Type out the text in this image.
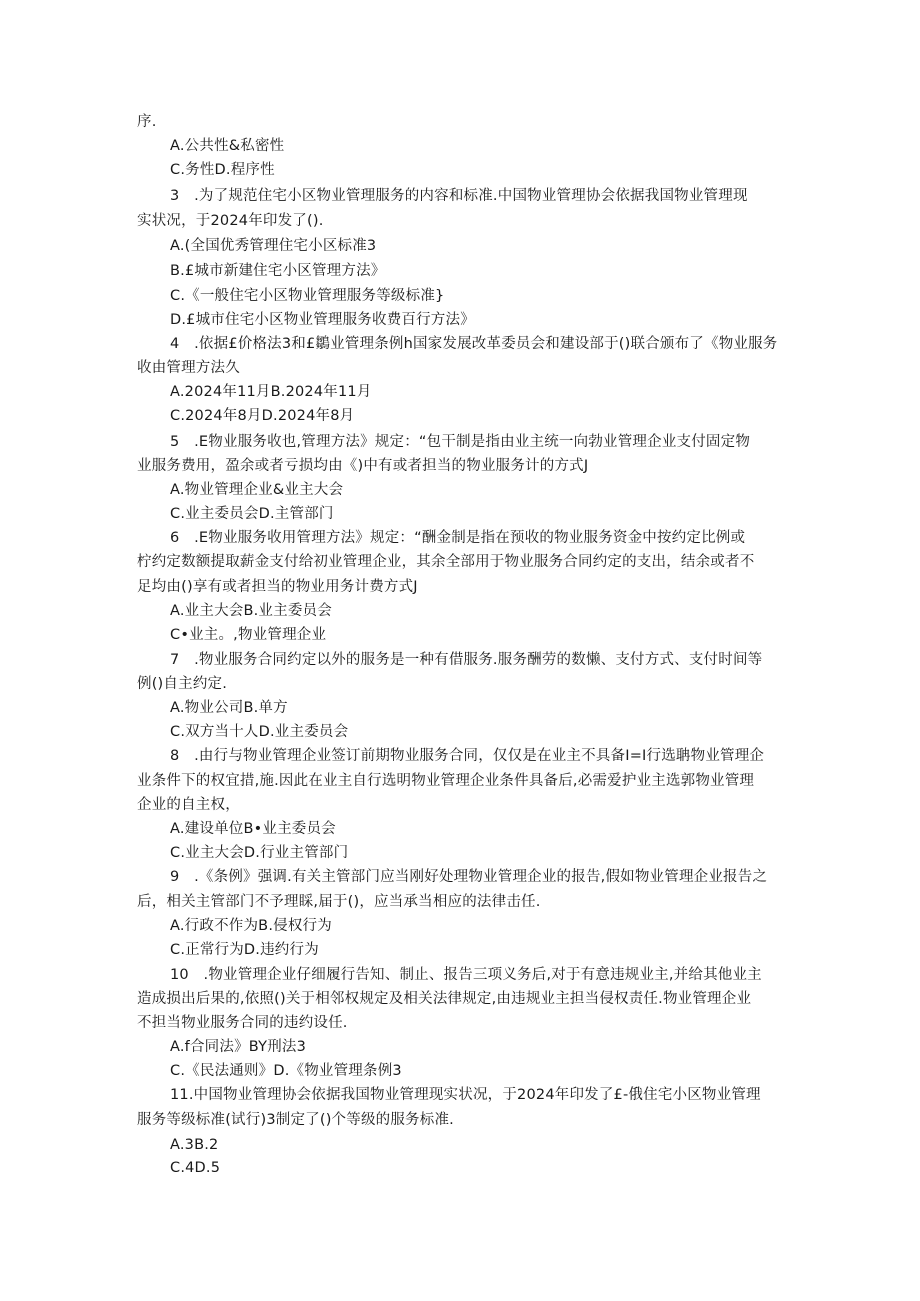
序.
A.公共性&私密性
C.务性D.程序性
3　.为了规范住宅小区物业管理服务的内容和标准.中国物业管理协会依据我国物业管理现
实状况，于2024年印发了().
A.(全国优秀管理住宅小区标准3
B.£城市新建住宅小区管理方法》
C.《一般住宅小区物业管理服务等级标准}
D.£城市住宅小区物业管理服务收费百行方法》
4　.依据£价格法3和£鶵业管理条例h国家发展改革委员会和建设部于()联合颁布了《物业服务
收由管理方法久
A.2024年11月B.2024年11月
C.2024年8月D.2024年8月
5　.E物业服务收也,管理方法》规定：“包干制是指由业主统一向勃业管理企业支付固定物
业服务费用，盈余或者亏损均由《)中有或者担当的物业服务计的方式J
A.物业管理企业&业主大会
C.业主委员会D.主管部门
6　.E物业服务收用管理方法》规定：“酬金制是指在预收的物业服务资金中按约定比例或
柠约定数额提取薪金支付给初业管理企业，其余全部用于物业服务合同约定的支出，结余或者不
足均由()享有或者担当的物业用务计费方式J
A.业主大会B.业主委员会
C•业主。,物业管理企业
7　.物业服务合同约定以外的服务是一种有借服务.服务酬劳的数懒、支付方式、支付时间等
例()自主约定.
A.物业公司B.单方
C.双方当十人D.业主委员会
8　.由行与物业管理企业签订前期物业服务合同，仅仅是在业主不具备I=I行选聃物业管理企
业条件下的权宜措,施.因此在业主自行选明物业管理企业条件具备后,必需爱护业主选郭物业管理
企业的自主权，
A.建设单位B•业主委员会
C.业主大会D.行业主管部门
9　.《条例》强调.有关主管部门应当刚好处理物业管理企业的报告,假如物业管理企业报告之
后，相关主管部门不予理睬,届于()，应当承当相应的法律击任.
A.行政不作为B.侵权行为
C.正常行为D.违约行为
10　.物业管理企业仔细履行告知、制止、报告三项义务后,对于有意违规业主,并给其他业主
造成损出后果的,依照()关于相邻权规定及相关法律规定,由违规业主担当侵权责任.物业管理企业
不担当物业服务合同的违约设任.
A.f合同法》BY刑法3
C.《民法通则》D.《物业管理条例3
11.中国物业管理协会依据我国物业管理现实状况，于2024年印发了£-俄住宅小区物业管理
服务等级标准(试行)3制定了()个等级的服务标准.
A.3B.2
C.4D.5
